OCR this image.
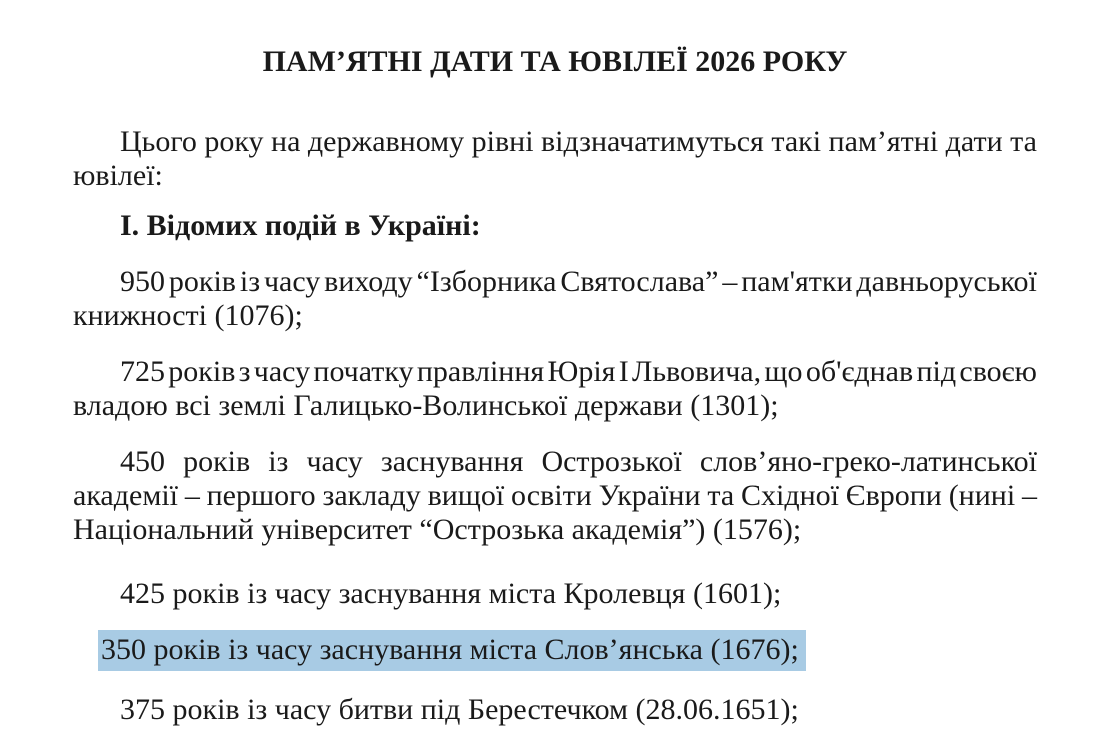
ПАМ’ЯТНІ ДАТИ ТА ЮВІЛЕЇ 2026 РОКУ
Цього року на державному рівні відзначатимуться такі пам’ятні дати та
ювілеї:
І. Відомих подій в Україні:
950 років із часу виходу “Ізборника Святослава” – пам'ятки давньоруської
книжності (1076);
725 років з часу початку правління Юрія І Львовича, що об'єднав під своєю
владою всі землі Галицько-Волинської держави (1301);
450 років із часу заснування Острозької слов’яно-греко-латинської
академії – першого закладу вищої освіти України та Східної Європи (нині –
Національний університет “Острозька академія”) (1576);
425 років із часу заснування міста Кролевця (1601);
350 років із часу заснування міста Слов’янська (1676);
375 років із часу битви під Берестечком (28.06.1651);
